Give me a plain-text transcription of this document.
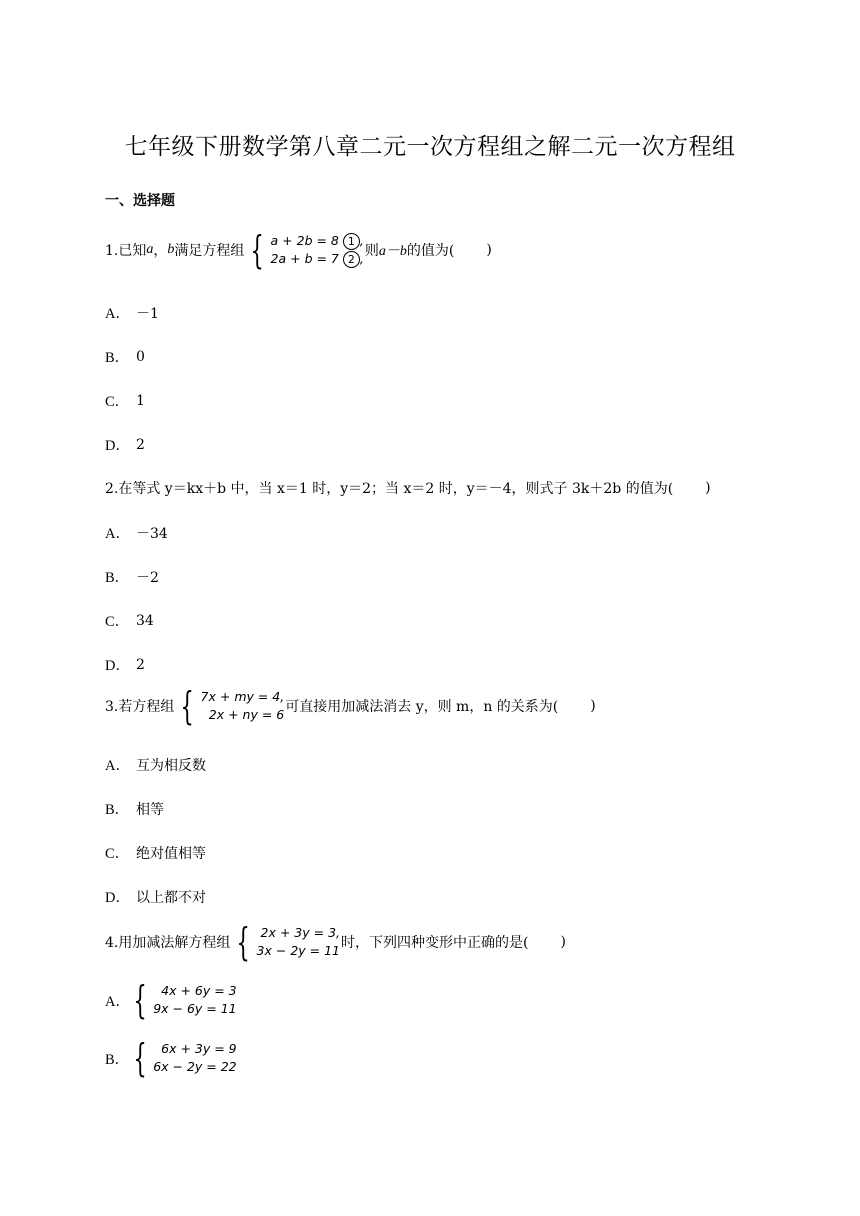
七年级下册数学第八章二元一次方程组之解二元一次方程组
一、选择题
1.已知 a ， b 满足方程组 { a + 2b = 8 1 ,
2a + b = 7 2 , 则 a－b 的值为( )
A． －1
B． 0
C． 1
D． 2
2.在等式 y＝kx＋b 中，当 x＝1 时，y＝2；当 x＝2 时，y＝－4，则式子 3k＋2b 的值为( )
A． －34
B． －2
C． 34
D． 2
3.若方程组 { 7x + my = 4,
2x + ny = 6 可直接用加减法消去 y，则 m，n 的关系为( )
A． 互为相反数
B． 相等
C． 绝对值相等
D． 以上都不对
4.用加减法解方程组 { 2x + 3y = 3,
3x − 2y = 11 时，下列四种变形中正确的是( )
A． { 4x + 6y = 3
9x − 6y = 11
B． { 6x + 3y = 9
6x − 2y = 22
